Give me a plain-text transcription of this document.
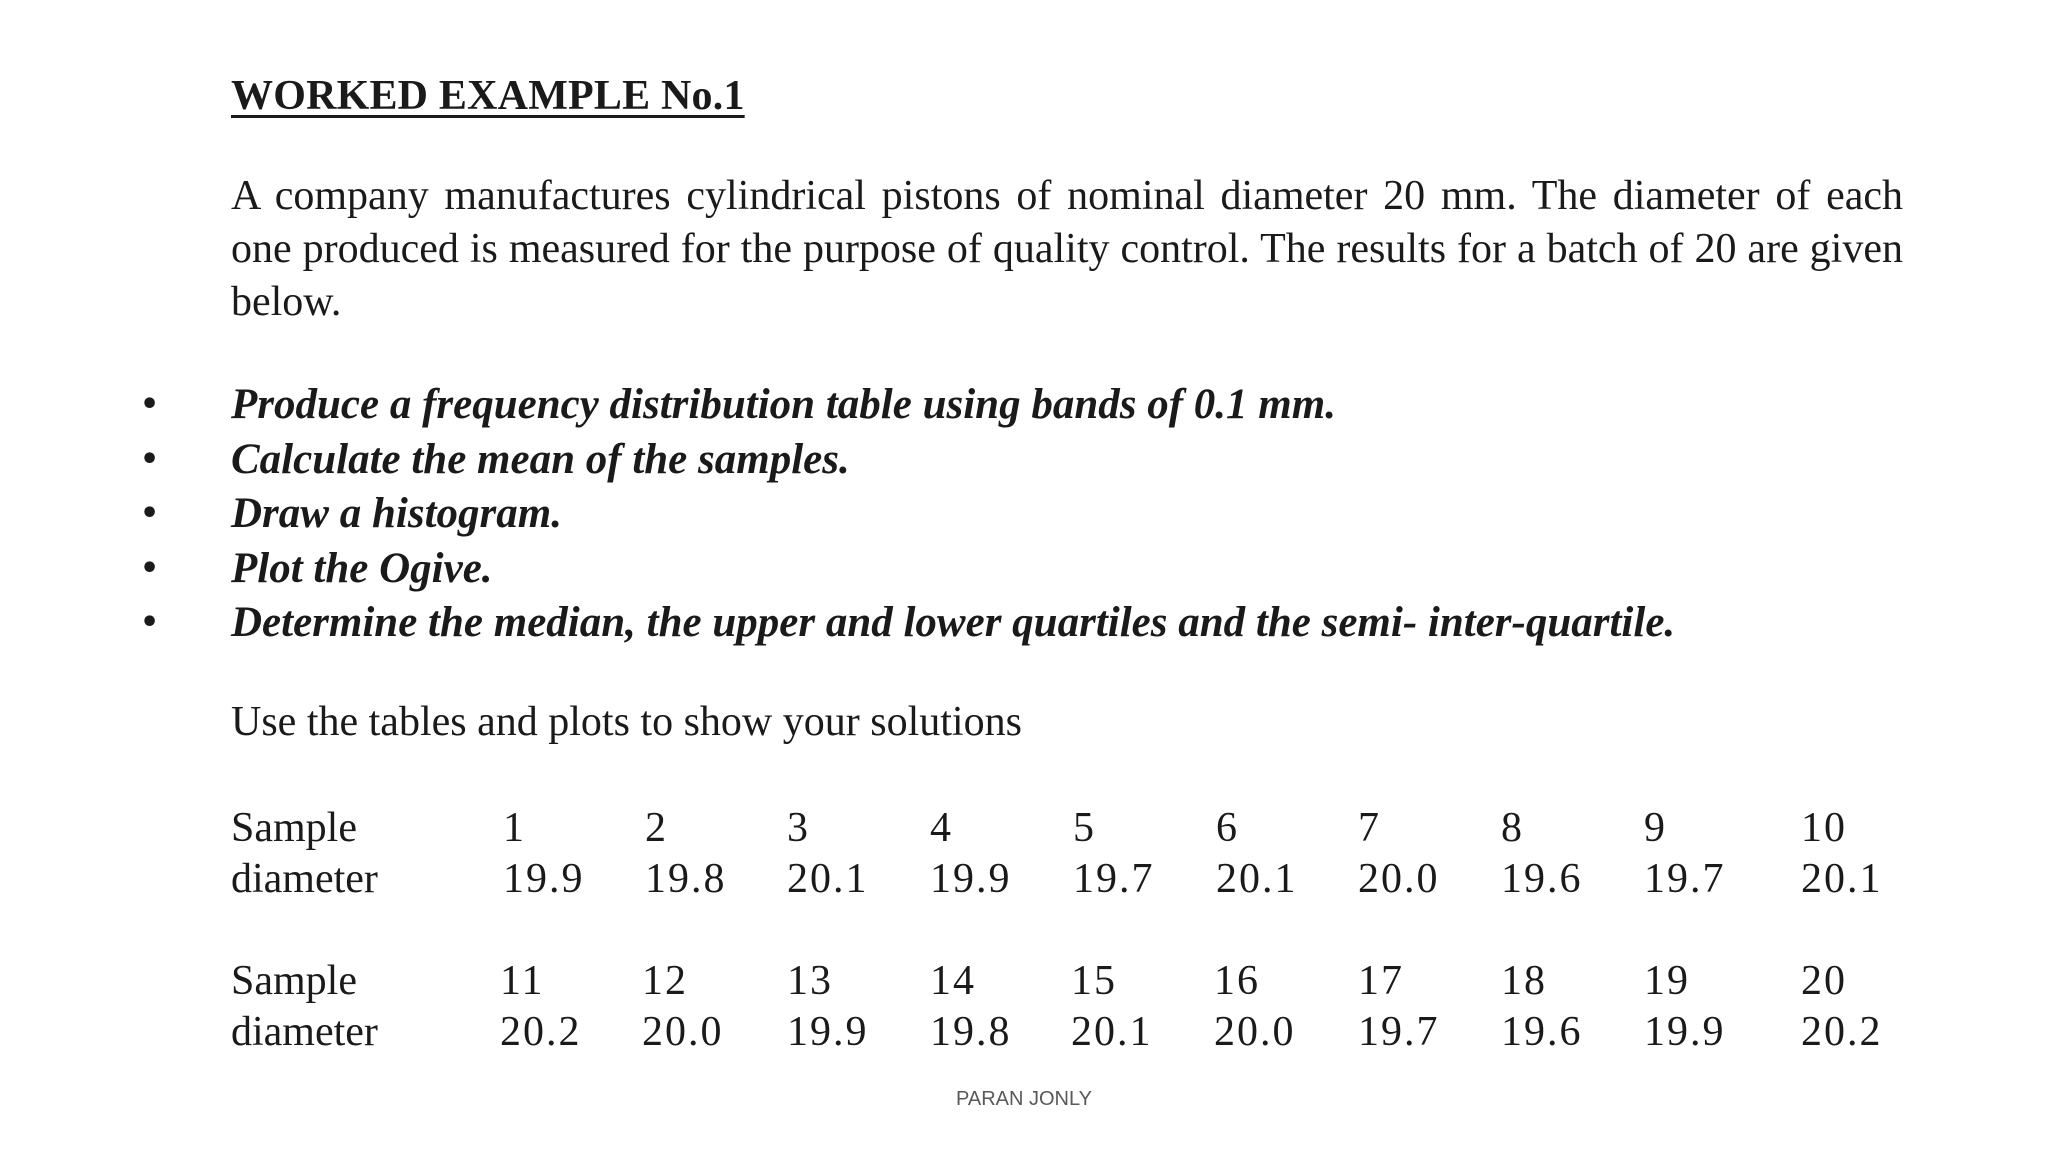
WORKED EXAMPLE No.1

A company manufactures cylindrical pistons of nominal diameter 20 mm. The diameter of each one produced is measured for the purpose of quality control. The results for a batch of 20 are given below.

• Produce a frequency distribution table using bands of 0.1 mm.
• Calculate the mean of the samples.
• Draw a histogram.
• Plot the Ogive.
• Determine the median, the upper and lower quartiles and the semi- inter-quartile.
Use the tables and plots to show your solutions
Sample	1	2	3	4	5	6	7	8	9	10
diameter	19.9 19.8 20.1 19.9 19.7 20.1 20.0 19.6 19.7 20.1
Sample	11 12 13 14 15 16 17 18 19	20
diameter	20.2 20.0 19.9 19.8 20.1 20.0 19.7 19.6 19.9 20.2
PARAN JONLY
